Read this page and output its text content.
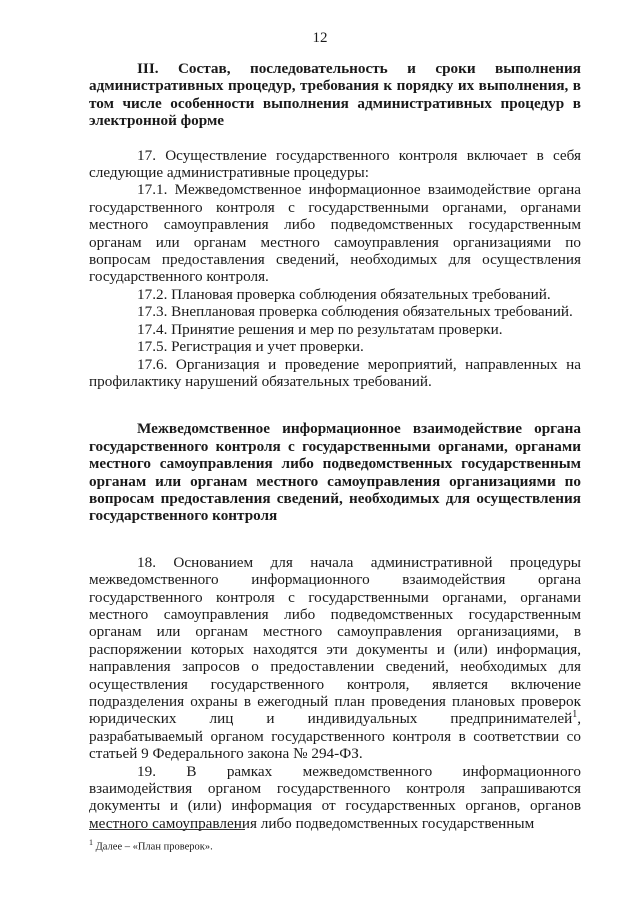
12

III. Состав, последовательность и сроки выполнения административных процедур, требования к порядку их выполнения, в том числе особенности выполнения административных процедур в электронной форме

17. Осуществление государственного контроля включает в себя следующие административные процедуры:

17.1. Межведомственное информационное взаимодействие органа государственного контроля с государственными органами, органами местного самоуправления либо подведомственных государственным органам или органам местного самоуправления организациями по вопросам предоставления сведений, необходимых для осуществления государственного контроля.

17.2. Плановая проверка соблюдения обязательных требований.

17.3. Внеплановая проверка соблюдения обязательных требований.

17.4. Принятие решения и мер по результатам проверки.

17.5. Регистрация и учет проверки.

17.6. Организация и проведение мероприятий, направленных на профилактику нарушений обязательных требований.

Межведомственное информационное взаимодействие органа государственного контроля с государственными органами, органами местного самоуправления либо подведомственных государственным органам или органам местного самоуправления организациями по вопросам предоставления сведений, необходимых для осуществления государственного контроля

18. Основанием для начала административной процедуры межведомственного информационного взаимодействия органа государственного контроля с государственными органами, органами местного самоуправления либо подведомственных государственным органам или органам местного самоуправления организациями, в распоряжении которых находятся эти документы и (или) информация, направления запросов о предоставлении сведений, необходимых для осуществления государственного контроля, является включение подразделения охраны в ежегодный план проведения плановых проверок юридических лиц и индивидуальных предпринимателей$^1$, разрабатываемый органом государственного контроля в соответствии со статьей 9 Федерального закона № 294-ФЗ.

19. В рамках межведомственного информационного взаимодействия органом государственного контроля запрашиваются документы и (или) информация от государственных органов, органов местного самоуправления либо подведомственных государственным

$^1$ Далее – «План проверок».
